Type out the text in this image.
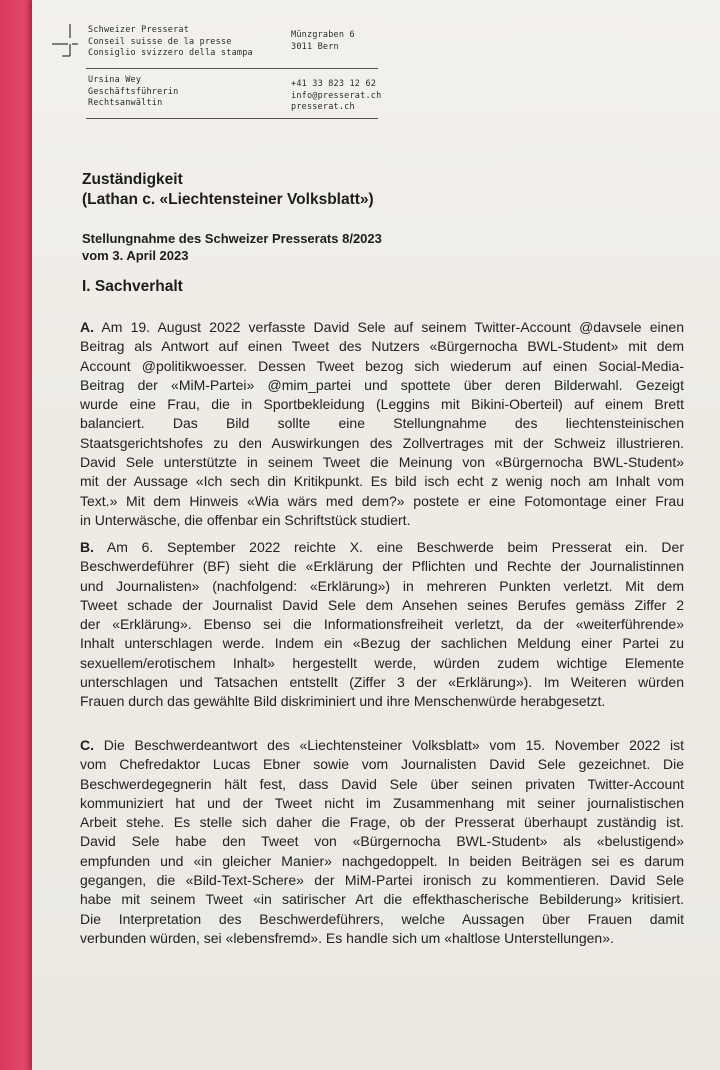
Schweizer Presserat
Conseil suisse de la presse
Consiglio svizzero della stampa
Münzgraben 6
3011 Bern
Ursina Wey
Geschäftsführerin
Rechtsanwältin
+41 33 823 12 62
info@presserat.ch
presserat.ch
Zuständigkeit
(Lathan c. «Liechtensteiner Volksblatt»)
Stellungnahme des Schweizer Presserats 8/2023
vom 3. April 2023
I. Sachverhalt
A. Am 19. August 2022 verfasste David Sele auf seinem Twitter-Account @davsele einen
Beitrag als Antwort auf einen Tweet des Nutzers «Bürgernocha BWL-Student» mit dem
Account @politikwoesser. Dessen Tweet bezog sich wiederum auf einen Social-Media-
Beitrag der «MiM-Partei» @mim_partei und spottete über deren Bilderwahl. Gezeigt
wurde eine Frau, die in Sportbekleidung (Leggins mit Bikini-Oberteil) auf einem Brett
balanciert. Das Bild sollte eine Stellungnahme des liechtensteinischen
Staatsgerichtshofes zu den Auswirkungen des Zollvertrages mit der Schweiz illustrieren.
David Sele unterstützte in seinem Tweet die Meinung von «Bürgernocha BWL-Student»
mit der Aussage «Ich sech din Kritikpunkt. Es bild isch echt z wenig noch am Inhalt vom
Text.» Mit dem Hinweis «Wia wärs med dem?» postete er eine Fotomontage einer Frau
in Unterwäsche, die offenbar ein Schriftstück studiert.
B. Am 6. September 2022 reichte X. eine Beschwerde beim Presserat ein. Der
Beschwerdeführer (BF) sieht die «Erklärung der Pflichten und Rechte der Journalistinnen
und Journalisten» (nachfolgend: «Erklärung») in mehreren Punkten verletzt. Mit dem
Tweet schade der Journalist David Sele dem Ansehen seines Berufes gemäss Ziffer 2
der «Erklärung». Ebenso sei die Informationsfreiheit verletzt, da der «weiterführende»
Inhalt unterschlagen werde. Indem ein «Bezug der sachlichen Meldung einer Partei zu
sexuellem/erotischem Inhalt» hergestellt werde, würden zudem wichtige Elemente
unterschlagen und Tatsachen entstellt (Ziffer 3 der «Erklärung»). Im Weiteren würden
Frauen durch das gewählte Bild diskriminiert und ihre Menschenwürde herabgesetzt.
C. Die Beschwerdeantwort des «Liechtensteiner Volksblatt» vom 15. November 2022 ist
vom Chefredaktor Lucas Ebner sowie vom Journalisten David Sele gezeichnet. Die
Beschwerdegegnerin hält fest, dass David Sele über seinen privaten Twitter-Account
kommuniziert hat und der Tweet nicht im Zusammenhang mit seiner journalistischen
Arbeit stehe. Es stelle sich daher die Frage, ob der Presserat überhaupt zuständig ist.
David Sele habe den Tweet von «Bürgernocha BWL-Student» als «belustigend»
empfunden und «in gleicher Manier» nachgedoppelt. In beiden Beiträgen sei es darum
gegangen, die «Bild-Text-Schere» der MiM-Partei ironisch zu kommentieren. David Sele
habe mit seinem Tweet «in satirischer Art die effekthascherische Bebilderung» kritisiert.
Die Interpretation des Beschwerdeführers, welche Aussagen über Frauen damit
verbunden würden, sei «lebensfremd». Es handle sich um «haltlose Unterstellungen».
